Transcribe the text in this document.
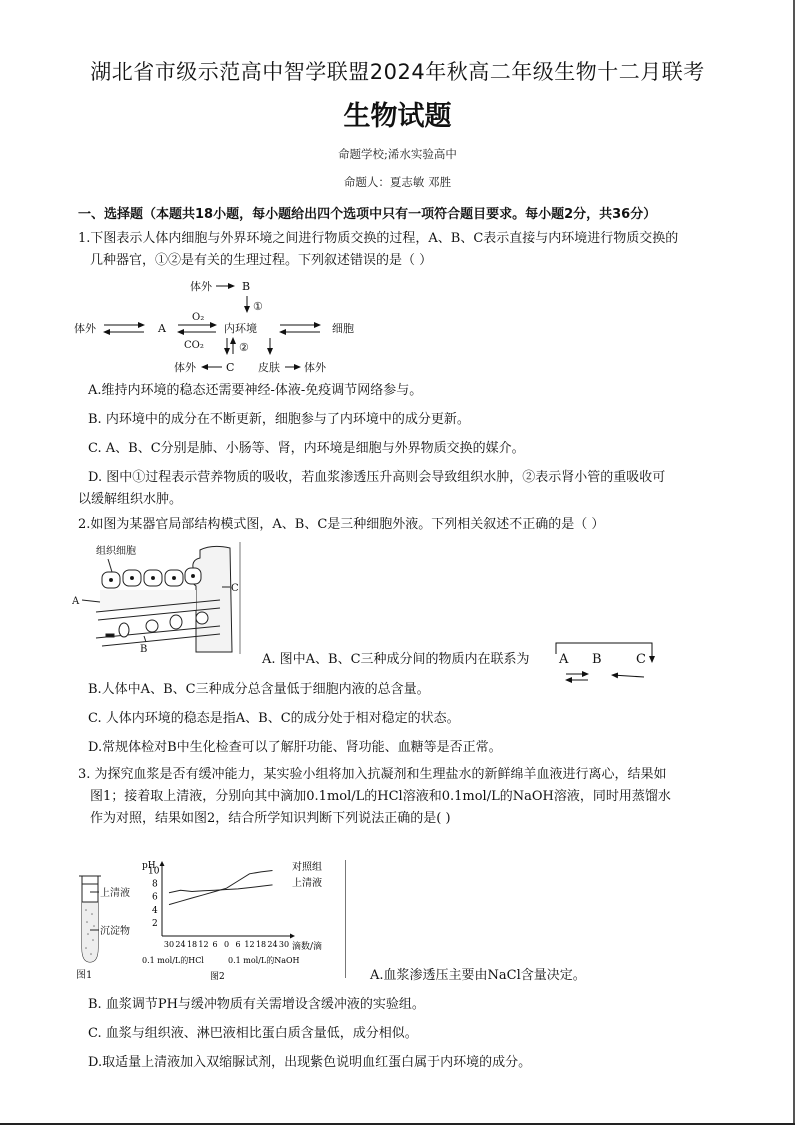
湖北省市级示范高中智学联盟2024年秋高二年级生物十二月联考
生物试题
命题学校;浠水实验高中
命题人：夏志敏 邓胜
一、选择题（本题共18小题，每小题给出四个选项中只有一项符合题目要求。每小题2分，共36分）
1.下图表示人体内细胞与外界环境之间进行物质交换的过程，A、B、C表示直接与内环境进行物质交换的
几种器官，①②是有关的生理过程。下列叙述错误的是（ ）
体外	B
①
体外	A
O₂
CO₂
内环境	细胞
②
体外	C 皮肤 体外
A.维持内环境的稳态还需要神经-体液-免疫调节网络参与。
B. 内环境中的成分在不断更新，细胞参与了内环境中的成分更新。
C. A、B、C分别是肺、小肠等、肾，内环境是细胞与外界物质交换的媒介。
D. 图中①过程表示营养物质的吸收，若血浆渗透压升高则会导致组织水肿，②表示肾小管的重吸收可
以缓解组织水肿。
2.如图为某器官局部结构模式图，A、B、C是三种细胞外液。下列相关叙述不正确的是（ ）
组织细胞
A
C
B
A. 图中A、B、C三种成分间的物质内在联系为 A B	C
B.人体中A、B、C三种成分总含量低于细胞内液的总含量。
C. 人体内环境的稳态是指A、B、C的成分处于相对稳定的状态。
D.常规体检对B中生化检查可以了解肝功能、肾功能、血糖等是否正常。
3. 为探究血浆是否有缓冲能力，某实验小组将加入抗凝剂和生理盐水的新鲜绵羊血液进行离心，结果如
图1；接着取上清液，分别向其中滴加0.1mol/L的HCl溶液和0.1mol/L的NaOH溶液，同时用蒸馏水
作为对照，结果如图2，结合所学知识判断下列说法正确的是( )
上清液
沉淀物
图1
pH
2
4
6
8
10
30 24 18 12 6 0 6 12 18 24 30
对照组
上清液
滴数/滴
0.1 mol/L的HCl	0.1 mol/L的NaOH
图2	A.血浆渗透压主要由NaCl含量决定。
B. 血浆调节PH与缓冲物质有关需增设含缓冲液的实验组。
C. 血浆与组织液、淋巴液相比蛋白质含量低，成分相似。
D.取适量上清液加入双缩脲试剂，出现紫色说明血红蛋白属于内环境的成分。
